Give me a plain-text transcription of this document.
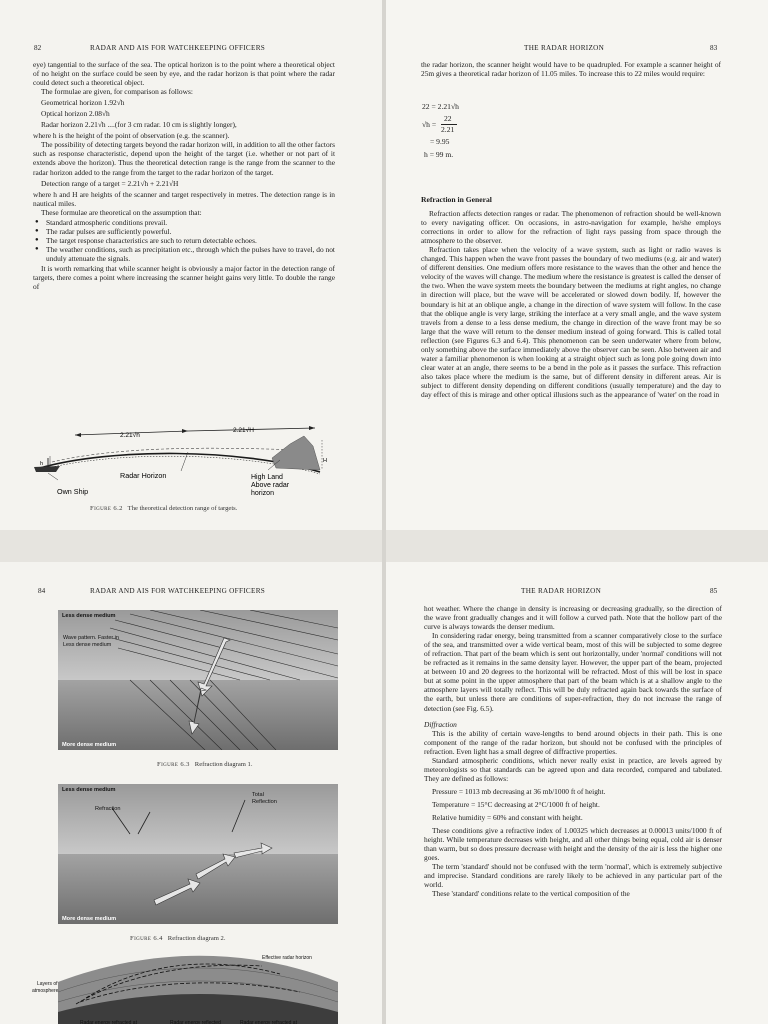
82	RADAR AND AIS FOR WATCHKEEPING OFFICERS

eye) tangential to the surface of the sea. The optical horizon is to the point where a theoretical object of no height on the surface could be seen by eye, and the radar horizon is that point where the radar could detect such a theoretical object.

The formulae are given, for comparison as follows:

Geometrical horizon 1.92√h
Optical horizon 2.08√h
Radar horizon 2.21√h ....(for 3 cm radar. 10 cm is slightly longer),

where h is the height of the point of observation (e.g. the scanner).

The possibility of detecting targets beyond the radar horizon will, in addition to all the other factors such as response characteristic, depend upon the height of the target (i.e. whether or not part of it extends above the horizon). Thus the theoretical detection range is the range from the scanner to the radar horizon added to the range from the target to the radar horizon of the target.

Detection range of a target = 2.21√h + 2.21√H

where h and H are heights of the scanner and target respectively in metres. The detection range is in nautical miles.

These formulae are theoretical on the assumption that:

● Standard atmospheric conditions prevail.
● The radar pulses are sufficiently powerful.
● The target response characteristics are such to return detectable echoes.
● The weather conditions, such as precipitation etc., through which the pulses have to travel, do not unduly attenuate the signals.

It is worth remarking that while scanner height is obviously a major factor in the detection range of targets, there comes a point where increasing the scanner height gains very little. To double the range of

2.21√h
2.21√H
H
h
Radar Horizon
Own Ship
High Land
Above radar
horizon
Figure 6.2 The theoretical detection range of targets.
THE RADAR HORIZON	83

the radar horizon, the scanner height would have to be quadrupled. For example a scanner height of 25m gives a theoretical radar horizon of 11.05 miles. To increase this to 22 miles would require:

22 = 2.21√h
√h =
22
2.21
= 9.95
h = 99 m.
Refraction in General

Refraction affects detection ranges or radar. The phenomenon of refraction should be well-known to every navigating officer. On occasions, in astro-navigation for example, he/she employs corrections in order to allow for the refraction of light rays passing from space through the atmosphere to the observer.

Refraction takes place when the velocity of a wave system, such as light or radio waves is changed. This happen when the wave front passes the boundary of two mediums (e.g. air and water) of different densities. One medium offers more resistance to the waves than the other and hence the velocity of the waves will change. The medium where the resistance is greatest is called the denser of the two. When the wave system meets the boundary between the mediums at right angles, no change in direction will place, but the wave will be accelerated or slowed down bodily. If, however the boundary is hit at an oblique angle, a change in the direction of wave system will follow. In the case that the oblique angle is very large, striking the interface at a very small angle, and the wave system travels from a dense to a less dense medium, the change in direction of the wave front may be so large that the wave will return to the denser medium instead of going forward. This is called total reflection (see Figures 6.3 and 6.4). This phenomenon can be seen underwater where from below, only something above the surface immediately above the observer can be seen. Also between air and water a familiar phenomenon is when looking at a straight object such as long pole going down into clear water at an angle, there seems to be a bend in the pole as it passes the surface. This refraction also takes place where the medium is the same, but of different density in different areas. Air is subject to different density depending on different conditions (usually temperature) and the day to day effect of this is mirage and other optical illusions such as the appearance of 'water' on the road in

84	RADAR AND AIS FOR WATCHKEEPING OFFICERS
Less dense medium
Wave pattern. Faster in
Less dense medium
More dense medium
Less dense medium
Refraction
Total
Reflection
More dense medium
Effective radar horizon
Layers of
atmosphere
Radar energy refracted at	Radar energy reflected	Radar energy refracted at
Figure 6.3 Refraction diagram 1.
Figure 6.4 Refraction diagram 2.
THE RADAR HORIZON	85

hot weather. Where the change in density is increasing or decreasing gradually, so the direction of the wave front gradually changes and it will follow a curved path. Note that the hollow part of the curve is always towards the denser medium.

In considering radar energy, being transmitted from a scanner comparatively close to the surface of the sea, and transmitted over a wide vertical beam, most of this will be subjected to some degree of refraction. That part of the beam which is sent out horizontally, under 'normal' conditions will not be refracted as it remains in the same density layer. However, the upper part of the beam, projected at between 10 and 20 degrees to the horizontal will be refracted. Most of this will be lost in space but at some point in the upper atmosphere that part of the beam which is at a shallow angle to the atmosphere layers will totally reflect. This will be duly refracted again back towards the surface of the earth, but unless there are conditions of super-refraction, they do not increase the range of detection (see Fig. 6.5).

Diffraction

This is the ability of certain wave-lengths to bend around objects in their path. This is one component of the range of the radar horizon, but should not be confused with the principles of refraction. Even light has a small degree of diffractive properties.

Standard atmospheric conditions, which never really exist in practice, are levels agreed by meteorologists so that standards can be agreed upon and data recorded, compared and tabulated. They are defined as follows:

Pressure = 1013 mb decreasing at 36 mb/1000 ft of height.
Temperature = 15°C decreasing at 2°C/1000 ft of height.
Relative humidity = 60% and constant with height.

These conditions give a refractive index of 1.00325 which decreases at 0.00013 units/1000 ft of height. While temperature decreases with height, and all other things being equal, cold air is denser than warm, but so does pressure decrease with height and the density of the air is less the higher one goes.

The term 'standard' should not be confused with the term 'normal', which is extremely subjective and imprecise. Standard conditions are rarely likely to be achieved in any particular part of the world.

These 'standard' conditions relate to the vertical composition of the
